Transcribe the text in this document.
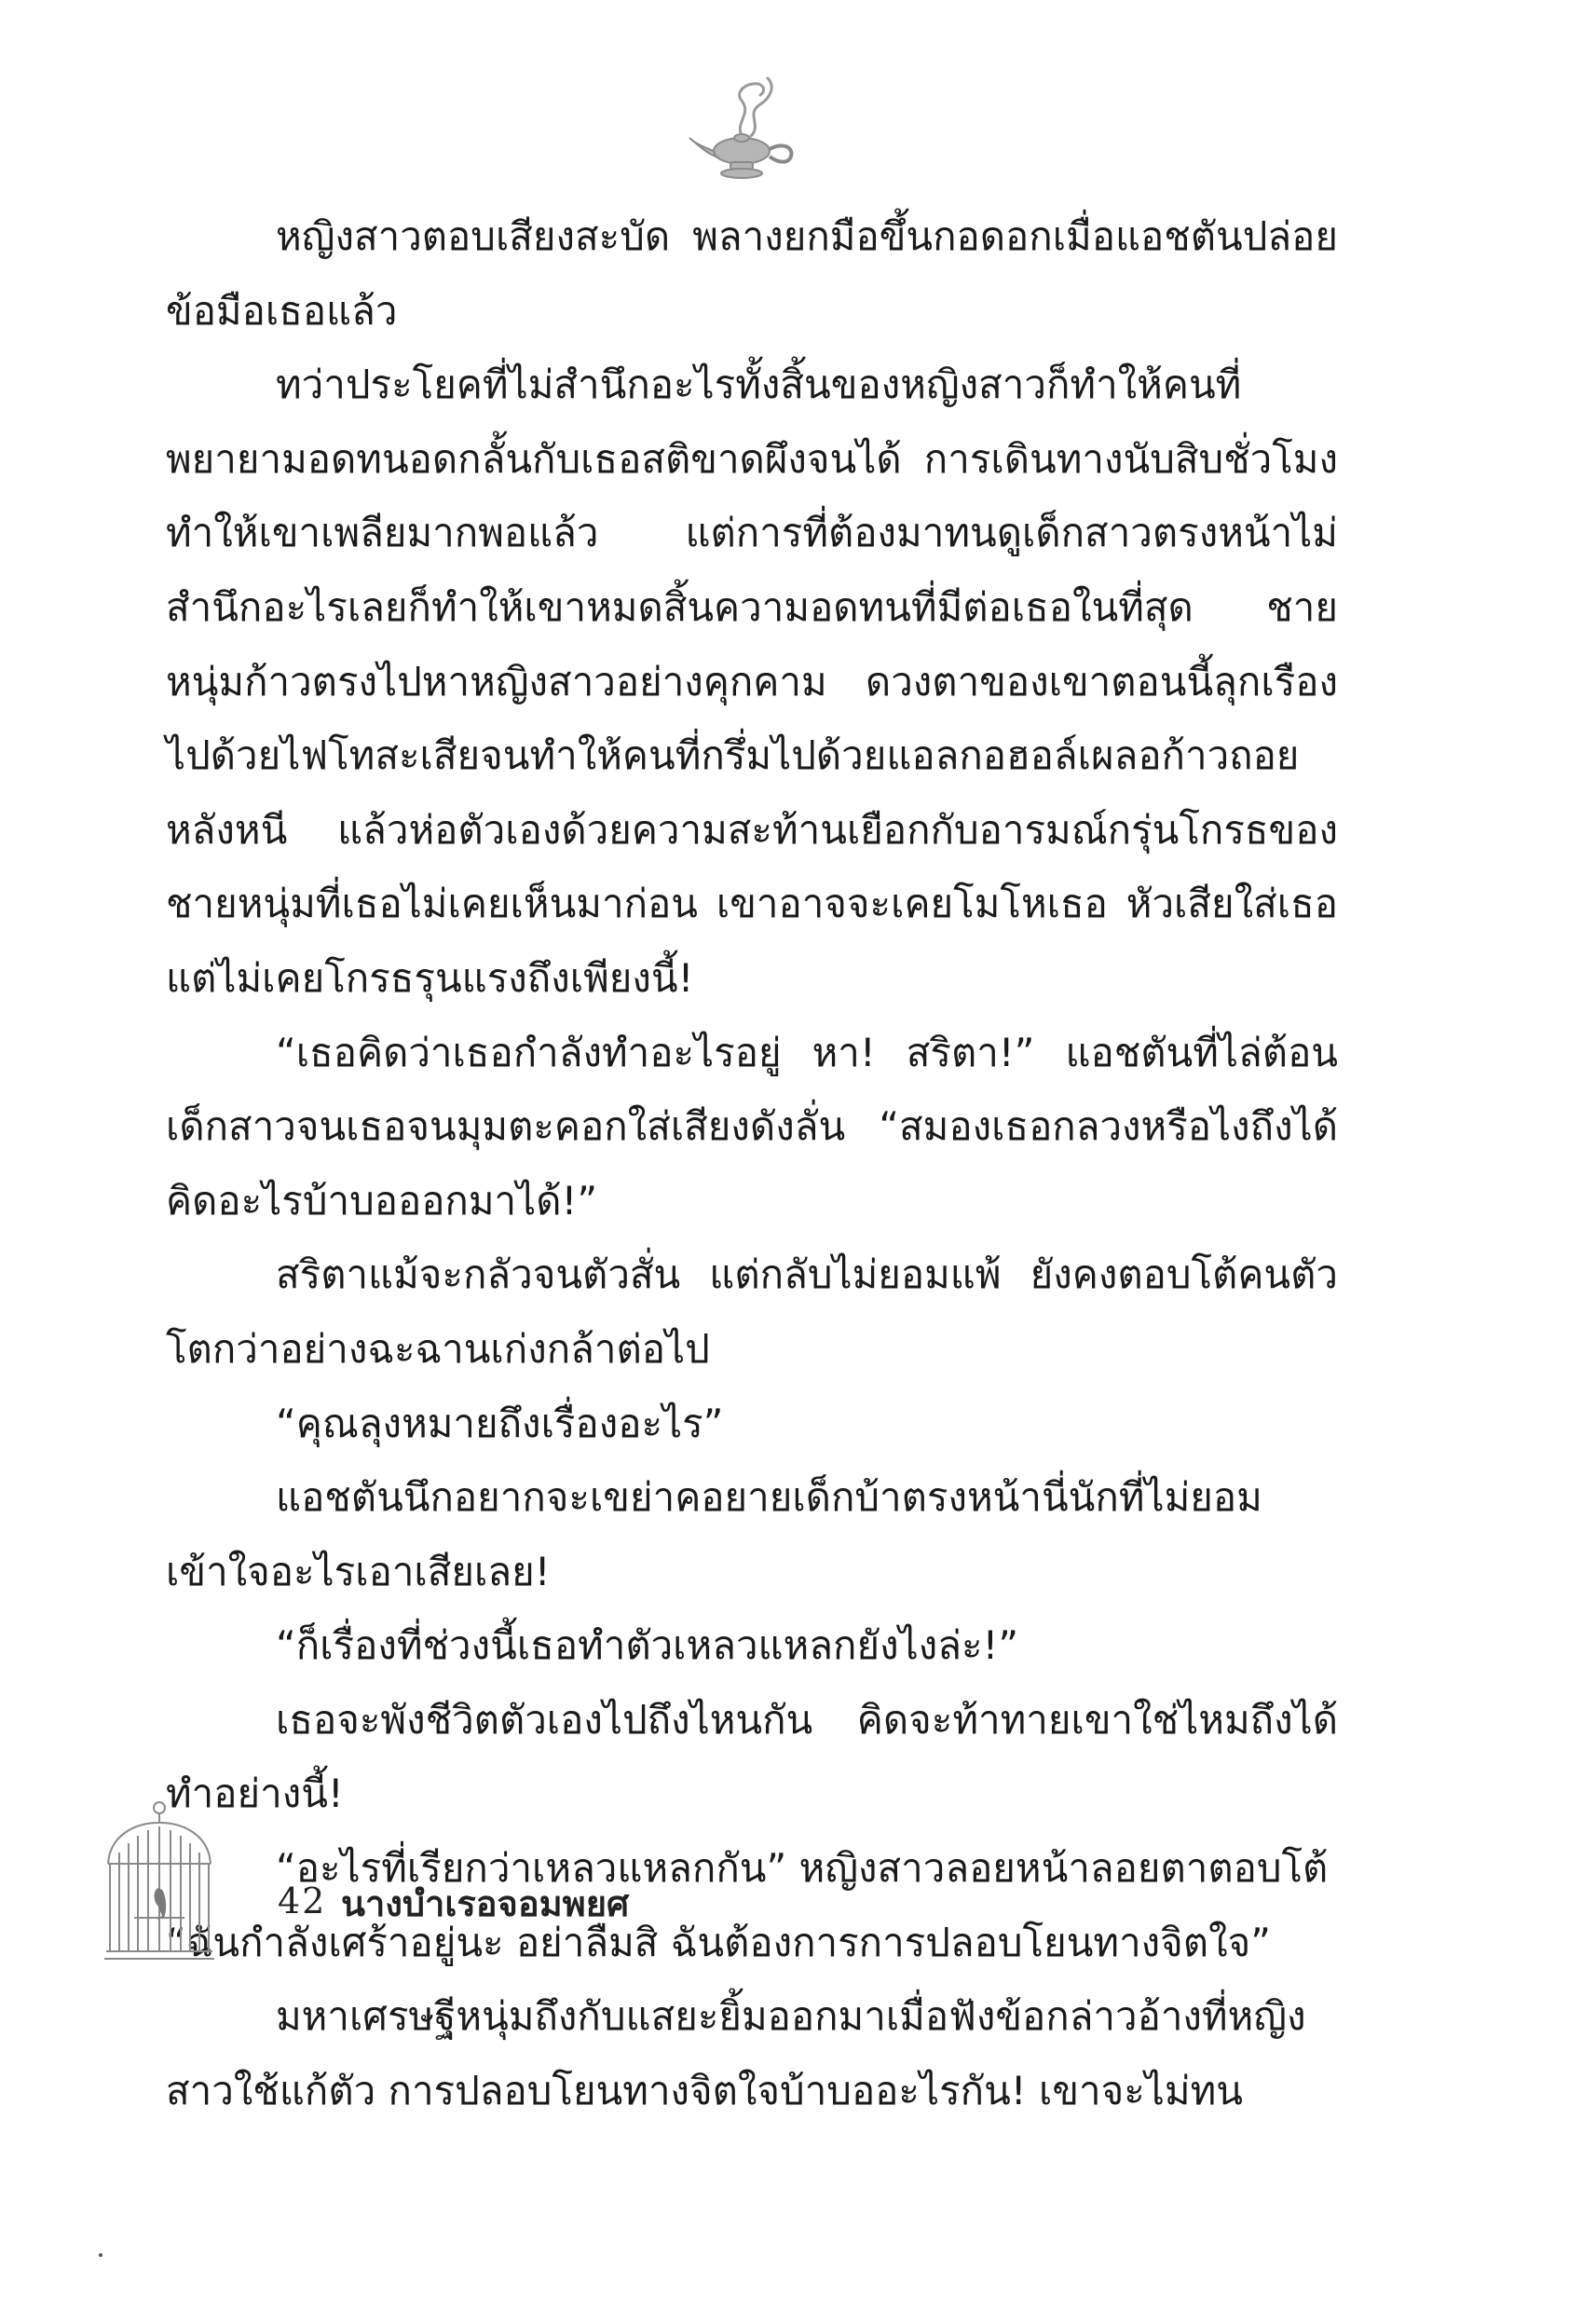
หญิงสาวตอบเสียงสะบัด พลางยกมือขึ้นกอดอกเมื่อแอชตันปล่อยข้อมือเธอแล้ว

ทว่าประโยคที่ไม่สำนึกอะไรทั้งสิ้นของหญิงสาวก็ทำให้คนที่พยายามอดทนอดกลั้นกับเธอสติขาดผึงจนได้ การเดินทางนับสิบชั่วโมงทำให้เขาเพลียมากพอแล้ว แต่การที่ต้องมาทนดูเด็กสาวตรงหน้าไม่สำนึกอะไรเลยก็ทำให้เขาหมดสิ้นความอดทนที่มีต่อเธอในที่สุด ชายหนุ่มก้าวตรงไปหาหญิงสาวอย่างคุกคาม ดวงตาของเขาตอนนี้ลุกเรืองไปด้วยไฟโทสะเสียจนทำให้คนที่กรึ่มไปด้วยแอลกอฮอล์เผลอก้าวถอยหลังหนี แล้วห่อตัวเองด้วยความสะท้านเยือกกับอารมณ์กรุ่นโกรธของชายหนุ่มที่เธอไม่เคยเห็นมาก่อน เขาอาจจะเคยโมโหเธอ หัวเสียใส่เธอ แต่ไม่เคยโกรธรุนแรงถึงเพียงนี้!

“เธอคิดว่าเธอกำลังทำอะไรอยู่ หา! สริตา!” แอชตันที่ไล่ต้อนเด็กสาวจนเธอจนมุมตะคอกใส่เสียงดังลั่น “สมองเธอกลวงหรือไงถึงได้คิดอะไรบ้าบอออกมาได้!”

สริตาแม้จะกลัวจนตัวสั่น แต่กลับไม่ยอมแพ้ ยังคงตอบโต้คนตัวโตกว่าอย่างฉะฉานเก่งกล้าต่อไป

“คุณลุงหมายถึงเรื่องอะไร”

แอชตันนึกอยากจะเขย่าคอยายเด็กบ้าตรงหน้านี่นักที่ไม่ยอมเข้าใจอะไรเอาเสียเลย!

“ก็เรื่องที่ช่วงนี้เธอทำตัวเหลวแหลกยังไงล่ะ!”

เธอจะพังชีวิตตัวเองไปถึงไหนกัน คิดจะท้าทายเขาใช่ไหมถึงได้ทำอย่างนี้!

“อะไรที่เรียกว่าเหลวแหลกกัน” หญิงสาวลอยหน้าลอยตาตอบโต้

“ฉันกำลังเศร้าอยู่นะ อย่าลืมสิ ฉันต้องการการปลอบโยนทางจิตใจ”

มหาเศรษฐีหนุ่มถึงกับแสยะยิ้มออกมาเมื่อฟังข้อกล่าวอ้างที่หญิงสาวใช้แก้ตัว การปลอบโยนทางจิตใจบ้าบออะไรกัน! เขาจะไม่ทน

42 นางบำเรอจอมพยศ
